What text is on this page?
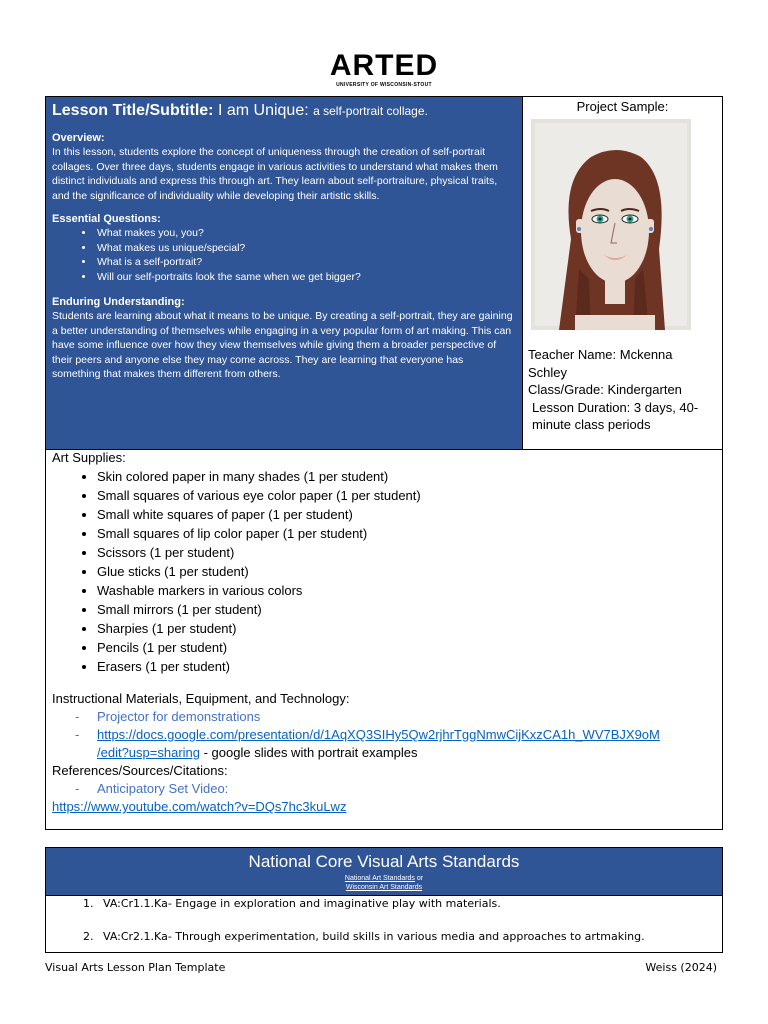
ARTED
UNIVERSITY OF WISCONSIN-STOUT
Lesson Title/Subtitle: I am Unique: a self-portrait collage.
Overview:
In this lesson, students explore the concept of uniqueness through the creation of self-portrait collages. Over three days, students engage in various activities to understand what makes them distinct individuals and express this through art. They learn about self-portraiture, physical traits, and the significance of individuality while developing their artistic skills.
Essential Questions:
• What makes you, you?
• What makes us unique/special?
• What is a self-portrait?
• Will our self-portraits look the same when we get bigger?
Enduring Understanding:
Students are learning about what it means to be unique. By creating a self-portrait, they are gaining a better understanding of themselves while engaging in a very popular form of art making. This can have some influence over how they view themselves while giving them a broader perspective of their peers and anyone else they may come across. They are learning that everyone has something that makes them different from others.
Project Sample:
Teacher Name: Mckenna
Schley
Class/Grade: Kindergarten
Lesson Duration: 3 days, 40-
minute class periods
Art Supplies:
• Skin colored paper in many shades (1 per student)
• Small squares of various eye color paper (1 per student)
• Small white squares of paper (1 per student)
• Small squares of lip color paper (1 per student)
• Scissors (1 per student)
• Glue sticks (1 per student)
• Washable markers in various colors
• Small mirrors (1 per student)
• Sharpies (1 per student)
• Pencils (1 per student)
• Erasers (1 per student)
Instructional Materials, Equipment, and Technology:
- Projector for demonstrations
- https://docs.google.com/presentation/d/1AqXQ3SIHy5Qw2rjhrTggNmwCijKxzCA1h_WV7BJX9oM
/edit?usp=sharing - google slides with portrait examples
References/Sources/Citations:
- Anticipatory Set Video:
https://www.youtube.com/watch?v=DQs7hc3kuLwz
National Core Visual Arts Standards
National Art Standards or
Wisconsin Art Standards
1. VA:Cr1.1.Ka- Engage in exploration and imaginative play with materials.
2. VA:Cr2.1.Ka- Through experimentation, build skills in various media and approaches to artmaking.
Visual Arts Lesson Plan Template	Weiss (2024)
